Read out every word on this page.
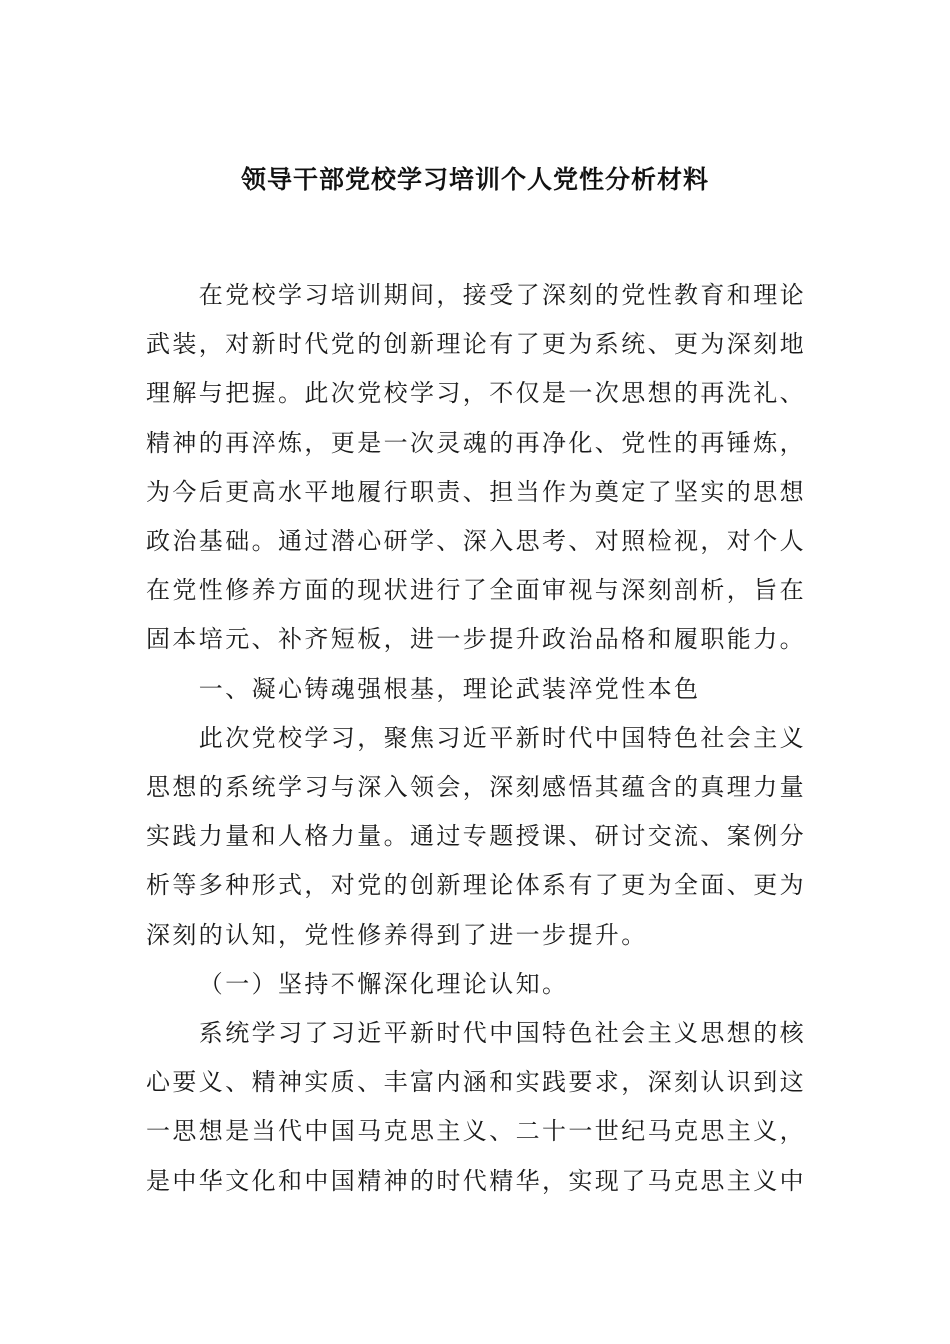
领导干部党校学习培训个人党性分析材料

在党校学习培训期间，接受了深刻的党性教育和理论武装，对新时代党的创新理论有了更为系统、更为深刻地理解与把握。此次党校学习，不仅是一次思想的再洗礼、精神的再淬炼，更是一次灵魂的再净化、党性的再锤炼，为今后更高水平地履行职责、担当作为奠定了坚实的思想政治基础。通过潜心研学、深入思考、对照检视，对个人在党性修养方面的现状进行了全面审视与深刻剖析，旨在固本培元、补齐短板，进一步提升政治品格和履职能力。

一、凝心铸魂强根基，理论武装淬党性本色

此次党校学习，聚焦习近平新时代中国特色社会主义思想的系统学习与深入领会，深刻感悟其蕴含的真理力量实践力量和人格力量。通过专题授课、研讨交流、案例分析等多种形式，对党的创新理论体系有了更为全面、更为深刻的认知，党性修养得到了进一步提升。

（一）坚持不懈深化理论认知。

系统学习了习近平新时代中国特色社会主义思想的核心要义、精神实质、丰富内涵和实践要求，深刻认识到这一思想是当代中国马克思主义、二十一世纪马克思主义，是中华文化和中国精神的时代精华，实现了马克思主义中
